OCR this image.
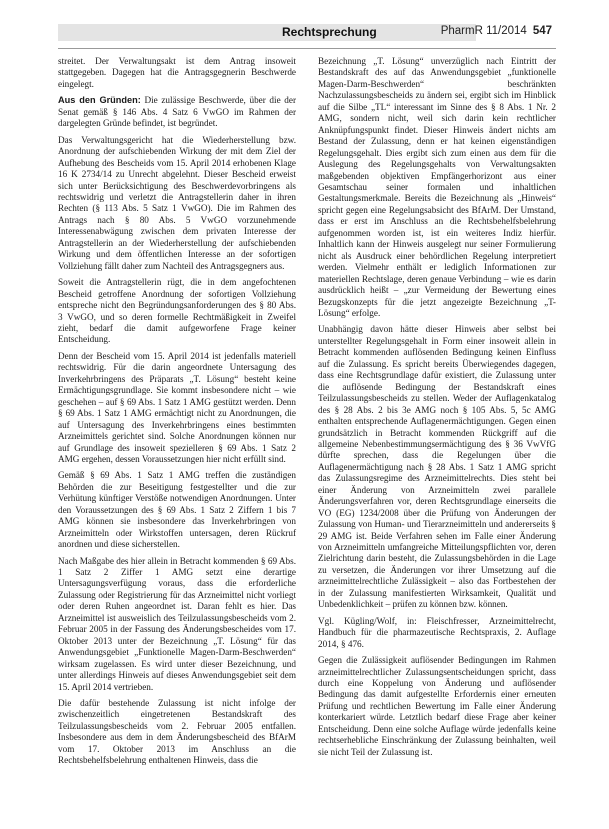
Rechtsprechung	PharmR 11/2014 547

streitet. Der Verwaltungsakt ist dem Antrag insoweit stattgegeben. Dagegen hat die Antragsgegnerin Beschwerde eingelegt.

Aus den Gründen: Die zulässige Beschwerde, über die der Senat gemäß § 146 Abs. 4 Satz 6 VwGO im Rahmen der dargelegten Gründe befindet, ist begründet.

Das Verwaltungsgericht hat die Wiederherstellung bzw. Anordnung der aufschiebenden Wirkung der mit dem Ziel der Aufhebung des Bescheids vom 15. April 2014 erhobenen Klage 16 K 2734/14 zu Unrecht abgelehnt. Dieser Bescheid erweist sich unter Berücksichtigung des Beschwerdevorbringens als rechtswidrig und verletzt die Antragstellerin daher in ihren Rechten (§ 113 Abs. 5 Satz 1 VwGO). Die im Rahmen des Antrags nach § 80 Abs. 5 VwGO vorzunehmende Interessenabwägung zwischen dem privaten Interesse der Antragstellerin an der Wiederherstellung der aufschiebenden Wirkung und dem öffentlichen Interesse an der sofortigen Vollziehung fällt daher zum Nachteil des Antragsgegners aus.

Soweit die Antragstellerin rügt, die in dem angefochtenen Bescheid getroffene Anordnung der sofortigen Vollziehung entspreche nicht den Begründungsanforderungen des § 80 Abs. 3 VwGO, und so deren formelle Rechtmäßigkeit in Zweifel zieht, bedarf die damit aufgeworfene Frage keiner Entscheidung.

Denn der Bescheid vom 15. April 2014 ist jedenfalls materiell rechtswidrig. Für die darin angeordnete Untersagung des Inverkehrbringens des Präparats „T. Lösung“ besteht keine Ermächtigungsgrundlage. Sie kommt insbesondere nicht – wie geschehen – auf § 69 Abs. 1 Satz 1 AMG gestützt werden. Denn § 69 Abs. 1 Satz 1 AMG ermächtigt nicht zu Anordnungen, die auf Untersagung des Inverkehrbringens eines bestimmten Arzneimittels gerichtet sind. Solche Anordnungen können nur auf Grundlage des insoweit spezielleren § 69 Abs. 1 Satz 2 AMG ergehen, dessen Voraussetzungen hier nicht erfüllt sind.

Gemäß § 69 Abs. 1 Satz 1 AMG treffen die zuständigen Behörden die zur Beseitigung festgestellter und die zur Verhütung künftiger Verstöße notwendigen Anordnungen. Unter den Voraussetzungen des § 69 Abs. 1 Satz 2 Ziffern 1 bis 7 AMG können sie insbesondere das Inverkehrbringen von Arzneimitteln oder Wirkstoffen untersagen, deren Rückruf anordnen und diese sicherstellen.

Nach Maßgabe des hier allein in Betracht kommenden § 69 Abs. 1 Satz 2 Ziffer 1 AMG setzt eine derartige Untersagungsverfügung voraus, dass die erforderliche Zulassung oder Registrierung für das Arzneimittel nicht vorliegt oder deren Ruhen angeordnet ist. Daran fehlt es hier. Das Arzneimittel ist ausweislich des Teilzulassungsbescheids vom 2. Februar 2005 in der Fassung des Änderungsbescheides vom 17. Oktober 2013 unter der Bezeichnung „T. Lösung“ für das Anwendungsgebiet „Funktionelle Magen-Darm-Beschwerden“ wirksam zugelassen. Es wird unter dieser Bezeichnung, und unter allerdings Hinweis auf dieses Anwendungsgebiet seit dem 15. April 2014 vertrieben.

Die dafür bestehende Zulassung ist nicht infolge der zwischenzeitlich eingetretenen Bestandskraft des Teilzulassungsbescheids vom 2. Februar 2005 entfallen. Insbesondere aus dem in dem Änderungsbescheid des BfArM vom 17. Oktober 2013 im Anschluss an die Rechtsbehelfsbelehrung enthaltenen Hinweis, dass die

Bezeichnung „T. Lösung“ unverzüglich nach Eintritt der Bestandskraft des auf das Anwendungsgebiet „funktionelle Magen-Darm-Beschwerden“ beschränkten Nachzulassungsbescheids zu ändern sei, ergibt sich im Hinblick auf die Silbe „TL“ interessant im Sinne des § 8 Abs. 1 Nr. 2 AMG, sondern nicht, weil sich darin kein rechtlicher Anknüpfungspunkt findet. Dieser Hinweis ändert nichts am Bestand der Zulassung, denn er hat keinen eigenständigen Regelungsgehalt. Dies ergibt sich zum einen aus dem für die Auslegung des Regelungsgehalts von Verwaltungsakten maßgebenden objektiven Empfängerhorizont aus einer Gesamtschau seiner formalen und inhaltlichen Gestaltungsmerkmale. Bereits die Bezeichnung als „Hinweis“ spricht gegen eine Regelungsabsicht des BfArM. Der Umstand, dass er erst im Anschluss an die Rechtsbehelfsbelehrung aufgenommen worden ist, ist ein weiteres Indiz hierfür. Inhaltlich kann der Hinweis ausgelegt nur seiner Formulierung nicht als Ausdruck einer behördlichen Regelung interpretiert werden. Vielmehr enthält er lediglich Informationen zur materiellen Rechtslage, deren genaue Verbindung – wie es darin ausdrücklich heißt – „zur Vermeidung der Bewertung eines Bezugskonzepts für die jetzt angezeigte Bezeichnung „T-Lösung“ erfolge.

Unabhängig davon hätte dieser Hinweis aber selbst bei unterstellter Regelungsgehalt in Form einer insoweit allein in Betracht kommenden auflösenden Bedingung keinen Einfluss auf die Zulassung. Es spricht bereits Überwiegendes dagegen, dass eine Rechtsgrundlage dafür existiert, die Zulassung unter die auflösende Bedingung der Bestandskraft eines Teilzulassungsbescheids zu stellen. Weder der Auflagenkatalog des § 28 Abs. 2 bis 3e AMG noch § 105 Abs. 5, 5c AMG enthalten entsprechende Auflagenermächtigungen. Gegen einen grundsätzlich in Betracht kommenden Rückgriff auf die allgemeine Nebenbestimmungsermächtigung des § 36 VwVfG dürfte sprechen, dass die Regelungen über die Auflagenermächtigung nach § 28 Abs. 1 Satz 1 AMG spricht das Zulassungsregime des Arzneimittelrechts. Dies steht bei einer Änderung von Arzneimitteln zwei parallele Änderungsverfahren vor, deren Rechtsgrundlage einerseits die VO (EG) 1234/2008 über die Prüfung von Änderungen der Zulassung von Human- und Tierarzneimitteln und andererseits § 29 AMG ist. Beide Verfahren sehen im Falle einer Änderung von Arzneimitteln umfangreiche Mitteilungspflichten vor, deren Zielrichtung darin besteht, die Zulassungsbehörden in die Lage zu versetzen, die Änderungen vor ihrer Umsetzung auf die arzneimittelrechtliche Zulässigkeit – also das Fortbestehen der in der Zulassung manifestierten Wirksamkeit, Qualität und Unbedenklichkeit – prüfen zu können bzw. können.

Vgl. Kügling/Wolf, in: Fleischfresser, Arzneimittelrecht, Handbuch für die pharmazeutische Rechtspraxis, 2. Auflage 2014, § 476.

Gegen die Zulässigkeit auflösender Bedingungen im Rahmen arzneimittelrechtlicher Zulassungsentscheidungen spricht, dass durch eine Koppelung von Änderung und auflösender Bedingung das damit aufgestellte Erfordernis einer erneuten Prüfung und rechtlichen Bewertung im Falle einer Änderung konterkariert würde. Letztlich bedarf diese Frage aber keiner Entscheidung. Denn eine solche Auflage würde jedenfalls keine rechtserhebliche Einschränkung der Zulassung beinhalten, weil sie nicht Teil der Zulassung ist.
